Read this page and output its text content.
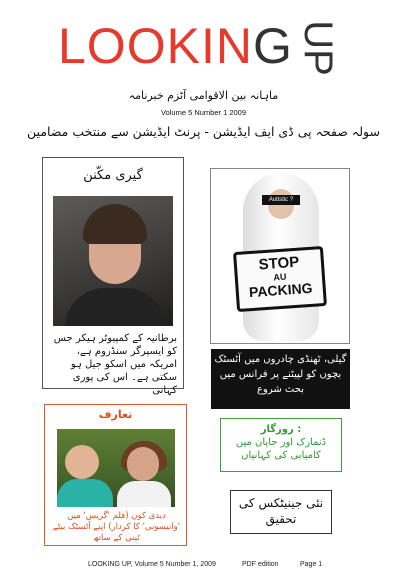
LOOKING UP
ماہانہ بین الاقوامی آٹزم خبرنامہ
Volume 5 Number 1 2009
سولہ صفحہ پی ڈی ایف ایڈیشن - پرنٹ ایڈیشن سے منتخب مضامین
گیری مکّنن
برطانیہ کے کمپیوٹر ہیکر جس کو ایسپرگر سنڈروم ہے، امریکہ میں اسکو جیل ہو سکتی ہے۔ اس کی پوری کہانی
Autistic ?
STOP
AU
PACKING
گیلی، ٹھنڈی چادروں میں آٹسٹک بچوں کو لپیٹنے پر فرانس میں بحث شروع
تعارف
دیدی کون (فلم 'گریس' میں 'وانیسونی' کا کردار) اپنے آٹسٹک بیٹے ٹینی کے ساتھ
: روزگار
ڈنمارک اور جاپان میں کامیابی کی کہانیاں
نئی جینیٹکس کی تحقیق
LOOKING UP, Volume 5 Number 1, 2009	PDF edition	Page 1
